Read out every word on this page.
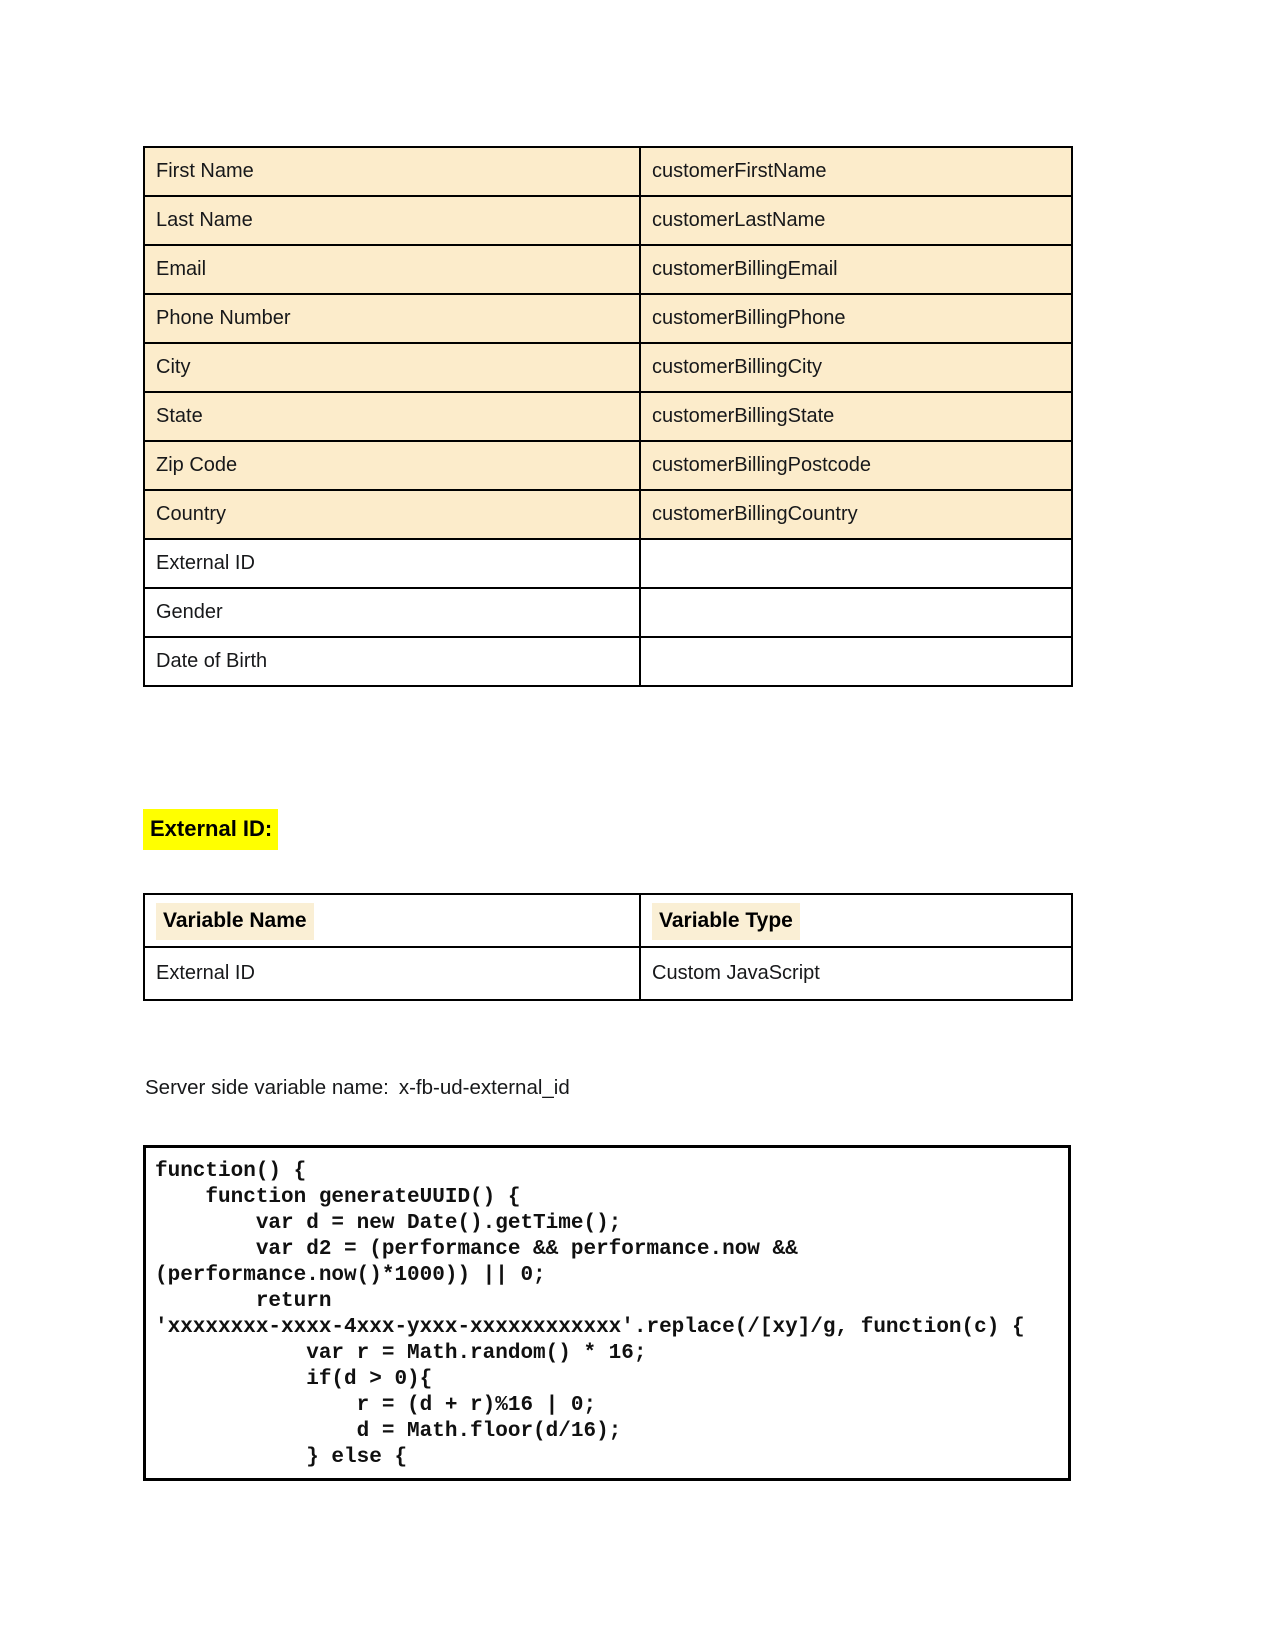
First Name	customerFirstName
Last Name	customerLastName
Email	customerBillingEmail
Phone Number	customerBillingPhone
City	customerBillingCity
State	customerBillingState
Zip Code	customerBillingPostcode
Country	customerBillingCountry
External ID	
Gender	
Date of Birth	
External ID:
Variable Name	Variable Type
External ID	Custom JavaScript
Server side variable name: x-fb-ud-external_id
function() {
function generateUUID() {
var d = new Date().getTime();
var d2 = (performance && performance.now &&
(performance.now()*1000)) || 0;
return
'xxxxxxxx-xxxx-4xxx-yxxx-xxxxxxxxxxxx'.replace(/[xy]/g, function(c) {
var r = Math.random() * 16;
if(d > 0){
r = (d + r)%16 | 0;
d = Math.floor(d/16);
} else {
